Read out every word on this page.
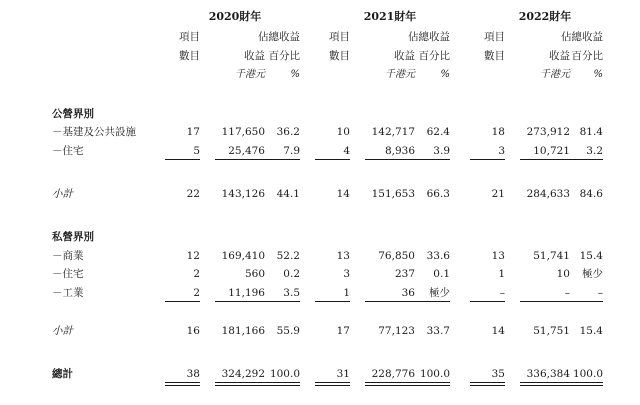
2020財年	2021財年	2022財年
項目	佔總收益	項目	佔總收益	項目	佔總收益
數目	收益 百分比	數目	收益 百分比	數目	收益 百分比
千港元	%	千港元	%	千港元	%
公營界別
－基建及公共設施	17	117,650	36.2	10	142,717	62.4	18	273,912 81.4
－住宅	5	25,476	7.9	4	8,936	3.9	3	10,721	3.2
小計	22	143,126	44.1	14	151,653	66.3	21	284,633 84.6
私營界別
－商業	12	169,410	52.2	13	76,850	33.6	13	51,741 15.4
－住宅	2	560	0.2	3	237	0.1	1	10	極少
－工業	2	11,196	3.5	1	36	極少	–	–	–
小計	16	181,166	55.9	17	77,123	33.7	14	51,751 15.4
總計	38	324,292 100.0	31	228,776 100.0	35	336,384 100.0
